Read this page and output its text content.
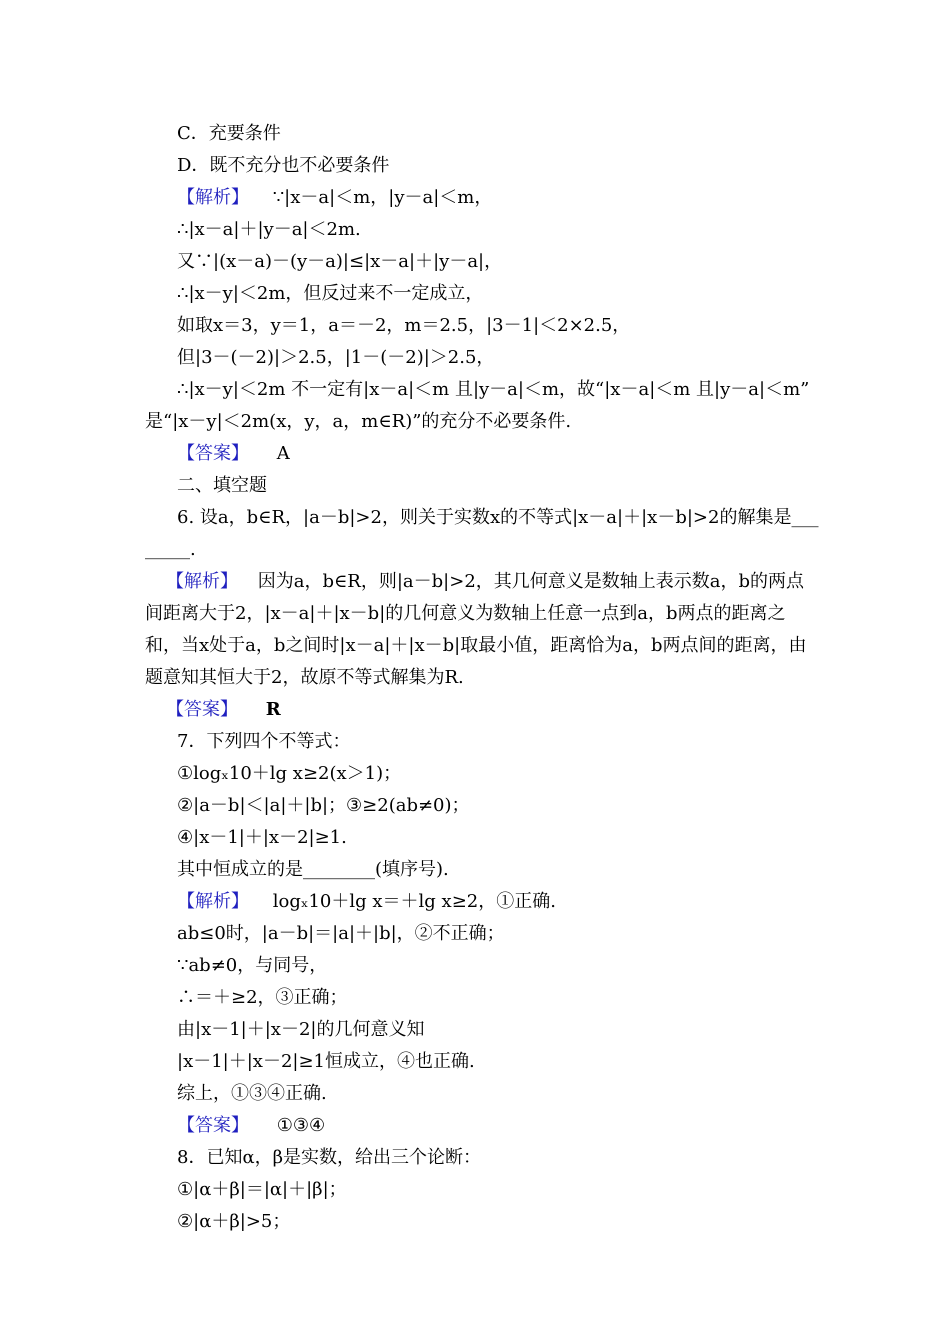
C．充要条件
D．既不充分也不必要条件
【解析】 ∵|x－a|＜m，|y－a|＜m，
∴|x－a|＋|y－a|＜2m.
又∵|(x－a)－(y－a)|≤|x－a|＋|y－a|，
∴|x－y|＜2m，但反过来不一定成立，
如取x＝3，y＝1，a＝－2，m＝2.5，|3－1|＜2×2.5，
但|3－(－2)|＞2.5，|1－(－2)|＞2.5，
∴|x－y|＜2m 不一定有|x－a|＜m 且|y－a|＜m，故“|x－a|＜m 且|y－a|＜m”
是“|x－y|＜2m(x，y，a，m∈R)”的充分不必要条件.
【答案】 A
二、填空题
6. 设a，b∈R，|a－b|>2，则关于实数x的不等式|x－a|＋|x－b|>2的解集是___
_____.
【解析】 因为a，b∈R，则|a－b|>2，其几何意义是数轴上表示数a，b的两点
间距离大于2，|x－a|＋|x－b|的几何意义为数轴上任意一点到a，b两点的距离之
和，当x处于a，b之间时|x－a|＋|x－b|取最小值，距离恰为a，b两点间的距离，由
题意知其恒大于2，故原不等式解集为R.
【答案】 R
7．下列四个不等式：
①logₓ10＋lg x≥2(x＞1)；
②|a－b|＜|a|＋|b|；③≥2(ab≠0)；
④|x－1|＋|x－2|≥1.
其中恒成立的是________(填序号).
【解析】 logₓ10＋lg x＝＋lg x≥2，①正确.
ab≤0时，|a－b|＝|a|＋|b|，②不正确；
∵ab≠0，与同号，
∴＝＋≥2，③正确；
由|x－1|＋|x－2|的几何意义知
|x－1|＋|x－2|≥1恒成立，④也正确.
综上，①③④正确.
【答案】 ①③④
8．已知α，β是实数，给出三个论断：
①|α＋β|＝|α|＋|β|；
②|α＋β|>5；
